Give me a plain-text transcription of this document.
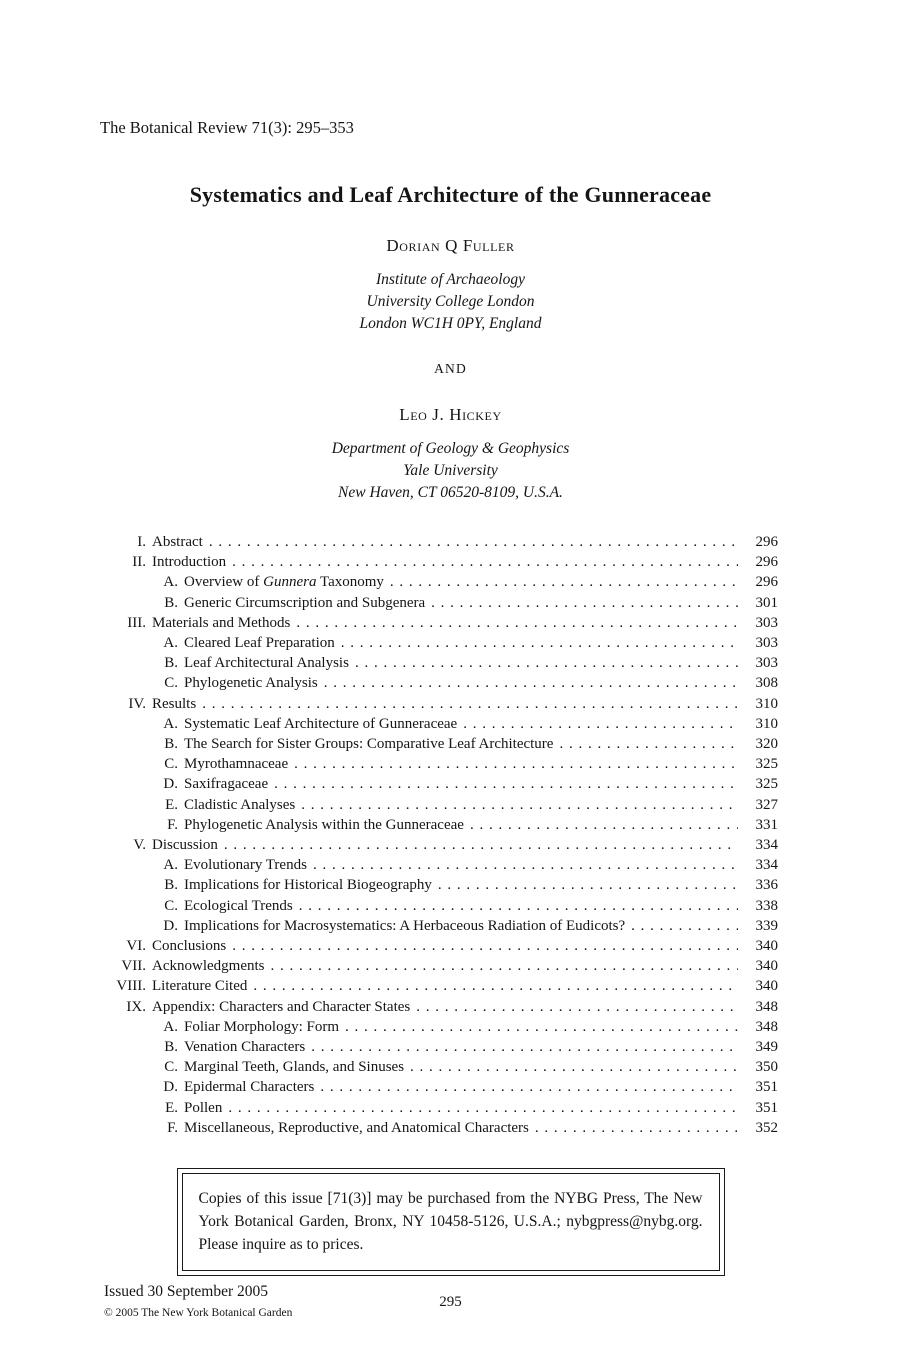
The Botanical Review 71(3): 295–353
Systematics and Leaf Architecture of the Gunneraceae
Dorian Q Fuller
Institute of Archaeology
University College London
London WC1H 0PY, England
AND
Leo J. Hickey
Department of Geology & Geophysics
Yale University
New Haven, CT 06520-8109, U.S.A.
I. Abstract . . .	296
II. Introduction . . .	296
A. Overview of Gunnera Taxonomy . . .	296
B. Generic Circumscription and Subgenera . . .	301
III. Materials and Methods . . .	303
A. Cleared Leaf Preparation . . .	303
B. Leaf Architectural Analysis . . .	303
C. Phylogenetic Analysis . . .	308
IV. Results . . .	310
A. Systematic Leaf Architecture of Gunneraceae . . .	310
B. The Search for Sister Groups: Comparative Leaf Architecture . . .	320
C. Myrothamnaceae . . .	325
D. Saxifragaceae . . .	325
E. Cladistic Analyses . . .	327
F. Phylogenetic Analysis within the Gunneraceae . . .	331
V. Discussion . . .	334
A. Evolutionary Trends . . .	334
B. Implications for Historical Biogeography . . .	336
C. Ecological Trends . . .	338
D. Implications for Macrosystematics: A Herbaceous Radiation of Eudicots? . . .	339
VI. Conclusions . . .	340
VII. Acknowledgments . . .	340
VIII. Literature Cited . . .	340
IX. Appendix: Characters and Character States . . .	348
A. Foliar Morphology: Form . . .	348
B. Venation Characters . . .	349
C. Marginal Teeth, Glands, and Sinuses . . .	350
D. Epidermal Characters . . .	351
E. Pollen . . .	351
F. Miscellaneous, Reproductive, and Anatomical Characters . . .	352

Copies of this issue [71(3)] may be purchased from the NYBG Press, The New York Botanical Garden, Bronx, NY 10458-5126, U.S.A.; nybgpress@nybg.org. Please inquire as to prices.

Issued 30 September 2005
© 2005 The New York Botanical Garden
295
